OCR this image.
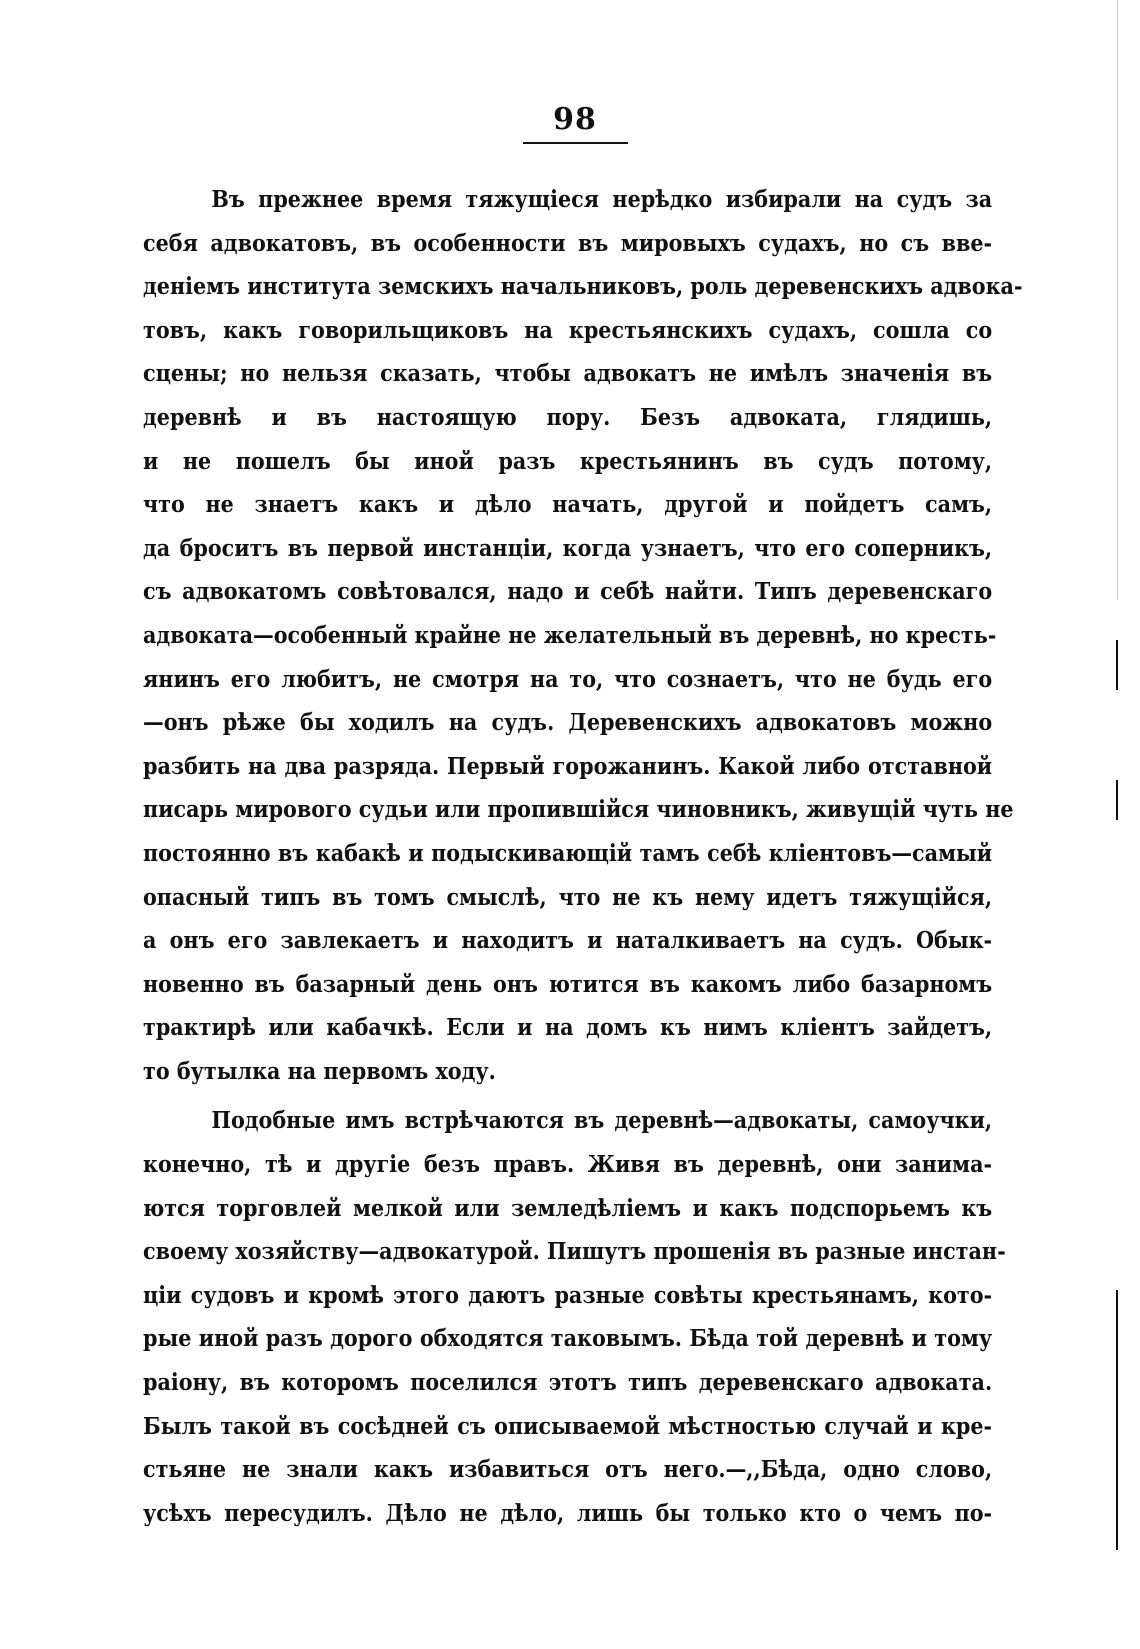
98
Въ прежнее время тяжущіеся нерѣдко избирали на судъ за
себя адвокатовъ, въ особенности въ мировыхъ судахъ, но съ вве-
деніемъ института земскихъ начальниковъ, роль деревенскихъ адвока-
товъ, какъ говорильщиковъ на крестьянскихъ судахъ, сошла со
сцены; но нельзя сказать, чтобы адвокатъ не имѣлъ значенія въ
деревнѣ и въ настоящую пору. Безъ адвоката, глядишь,
и не пошелъ бы иной разъ крестьянинъ въ судъ потому,
что не знаетъ какъ и дѣло начать, другой и пойдетъ самъ,
да броситъ въ первой инстанціи, когда узнаетъ, что его соперникъ,
съ адвокатомъ совѣтовался, надо и себѣ найти. Типъ деревенскаго
адвоката—особенный крайне не желательный въ деревнѣ, но кресть-
янинъ его любитъ, не смотря на то, что сознаетъ, что не будь его
—онъ рѣже бы ходилъ на судъ. Деревенскихъ адвокатовъ можно
разбить на два разряда. Первый горожанинъ. Какой либо отставной
писарь мирового судьи или пропившійся чиновникъ, живущій чуть не
постоянно въ кабакѣ и подыскивающій тамъ себѣ кліентовъ—самый
опасный типъ въ томъ смыслѣ, что не къ нему идетъ тяжущійся,
а онъ его завлекаетъ и находитъ и наталкиваетъ на судъ. Обык-
новенно въ базарный день онъ ютится въ какомъ либо базарномъ
трактирѣ или кабачкѣ. Если и на домъ къ нимъ кліентъ зайдетъ,
то бутылка на первомъ ходу.
Подобные имъ встрѣчаются въ деревнѣ—адвокаты, самоучки,
конечно, тѣ и другіе безъ правъ. Живя въ деревнѣ, они занима-
ются торговлей мелкой или земледѣліемъ и какъ подспорьемъ къ
своему хозяйству—адвокатурой. Пишутъ прошенія въ разные инстан-
ціи судовъ и кромѣ этого даютъ разные совѣты крестьянамъ, кото-
рые иной разъ дорого обходятся таковымъ. Бѣда той деревнѣ и тому
раіону, въ которомъ поселился этотъ типъ деревенскаго адвоката.
Былъ такой въ сосѣдней съ описываемой мѣстностью случай и кре-
стьяне не знали какъ избавиться отъ него.—,,Бѣда, одно слово,
усѣхъ пересудилъ. Дѣло не дѣло, лишь бы только кто о чемъ по-
